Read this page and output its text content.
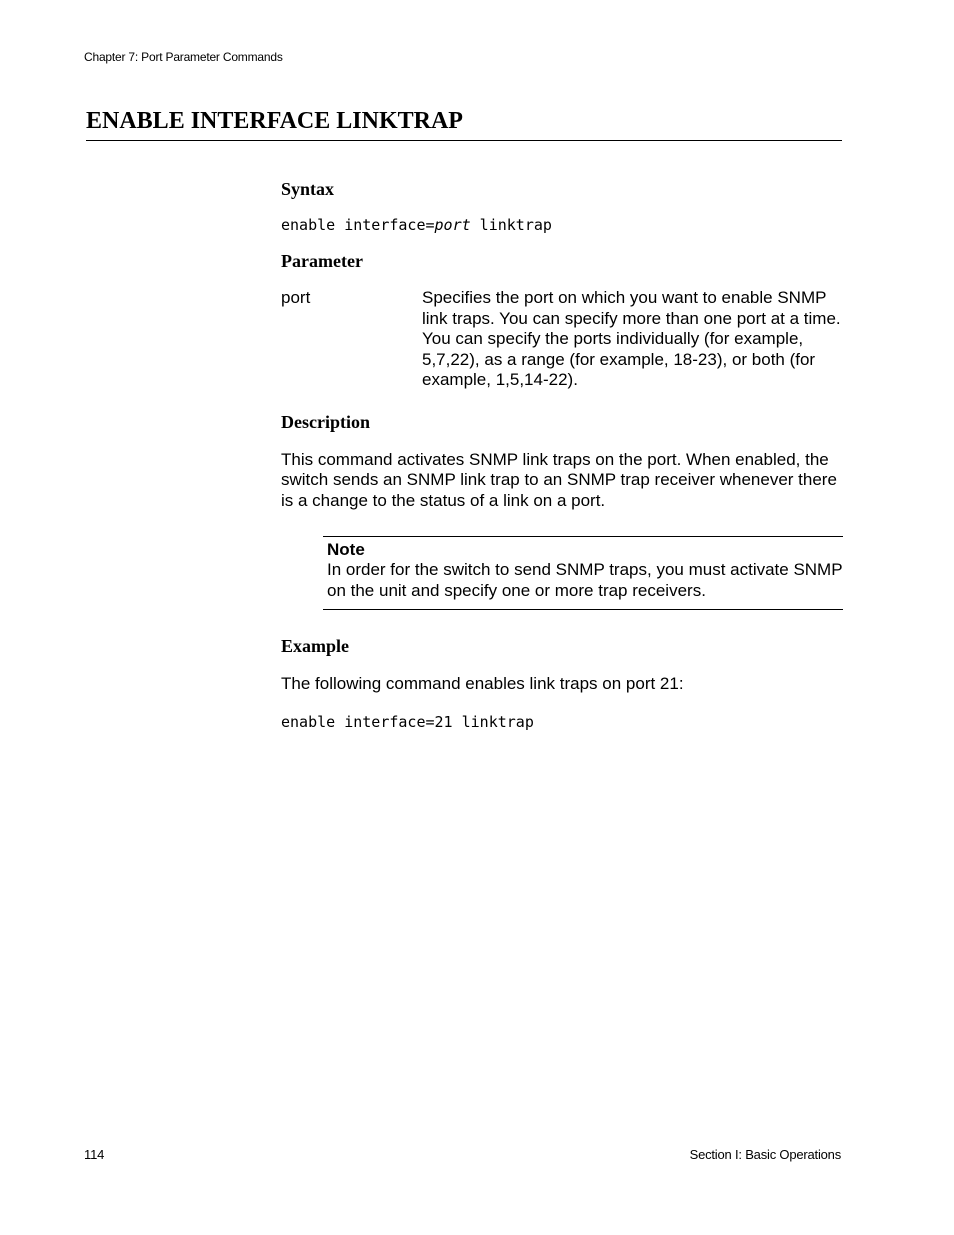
Chapter 7: Port Parameter Commands
ENABLE INTERFACE LINKTRAP
Syntax

enable interface=port linktrap

Parameter
port	Specifies the port on which you want to enable SNMP link traps. You can specify more than one port at a time. You can specify the ports individually (for example, 5,7,22), as a range (for example, 18-23), or both (for example, 1,5,14-22).
Description

This command activates SNMP link traps on the port. When enabled, the switch sends an SNMP link trap to an SNMP trap receiver whenever there is a change to the status of a link on a port.

Note

In order for the switch to send SNMP traps, you must activate SNMP on the unit and specify one or more trap receivers.

Example

The following command enables link traps on port 21:

enable interface=21 linktrap

114	Section I: Basic Operations
